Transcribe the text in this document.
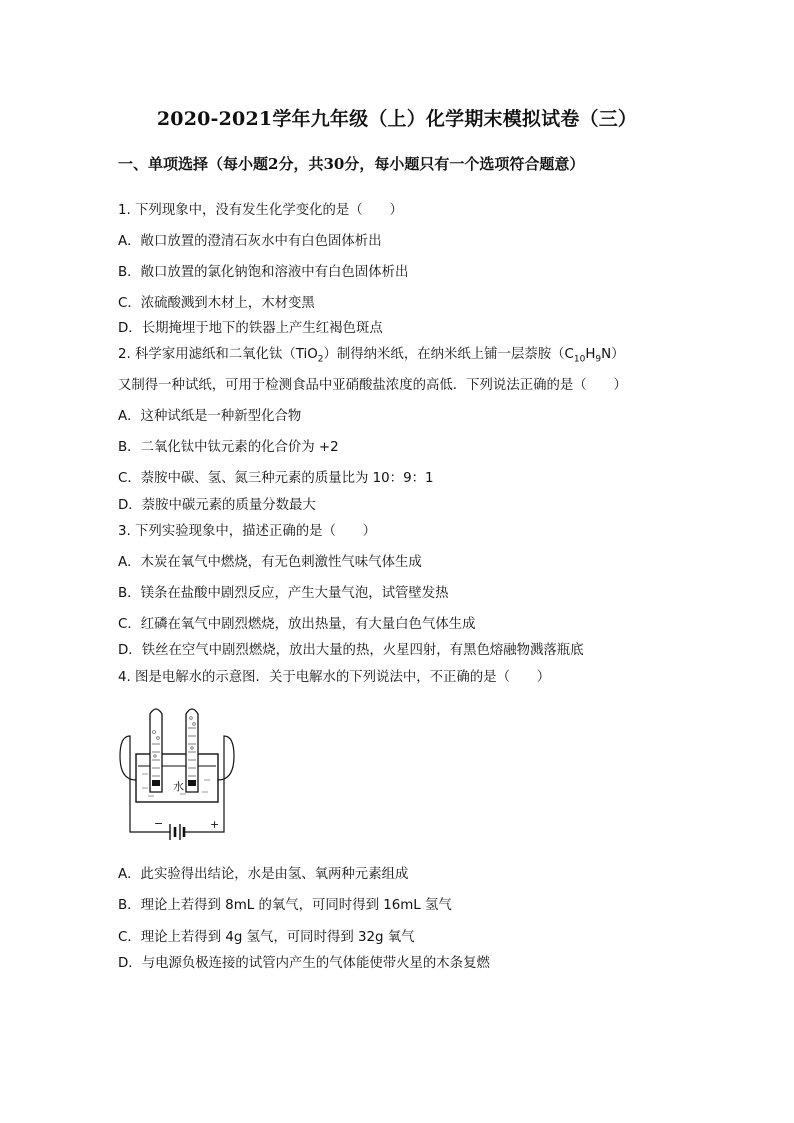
2020-2021学年九年级（上）化学期末模拟试卷（三）
一、单项选择（每小题2分，共30分，每小题只有一个选项符合题意）
1. 下列现象中，没有发生化学变化的是（　　）
A．敞口放置的澄清石灰水中有白色固体析出
B．敞口放置的氯化钠饱和溶液中有白色固体析出
C．浓硫酸溅到木材上，木材变黑
D．长期掩埋于地下的铁器上产生红褐色斑点
2. 科学家用滤纸和二氧化钛（TiO$_2$）制得纳米纸，在纳米纸上铺一层萘胺$(C_{10}H_9N)$
又制得一种试纸，可用于检测食品中亚硝酸盐浓度的高低．下列说法正确的是（　　）
A．这种试纸是一种新型化合物
B．二氧化钛中钛元素的化合价为 +2
C．萘胺中碳、氢、氮三种元素的质量比为 10：9：1
D．萘胺中碳元素的质量分数最大
3. 下列实验现象中，描述正确的是（　　）
A．木炭在氧气中燃烧，有无色刺激性气味气体生成
B．镁条在盐酸中剧烈反应，产生大量气泡，试管壁发热
C．红磷在氧气中剧烈燃烧，放出热量，有大量白色气体生成
D．铁丝在空气中剧烈燃烧，放出大量的热，火星四射，有黑色熔融物溅落瓶底
4. 图是电解水的示意图．关于电解水的下列说法中，不正确的是（　　）
水
−	+
A．此实验得出结论，水是由氢、氧两种元素组成
B．理论上若得到 8mL 的氧气，可同时得到 16mL 氢气
C．理论上若得到 4g 氢气，可同时得到 32g 氧气
D．与电源负极连接的试管内产生的气体能使带火星的木条复燃
